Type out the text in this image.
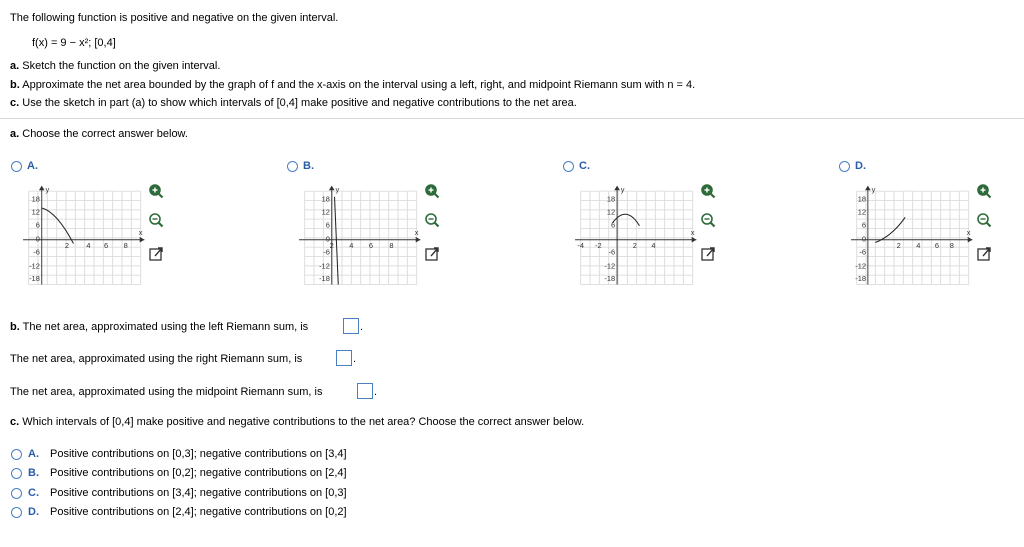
The following function is positive and negative on the given interval.
f(x) = 9 − x²; [0,4]
a. Sketch the function on the given interval.
b. Approximate the net area bounded by the graph of f and the x-axis on the interval using a left, right, and midpoint Riemann sum with n = 4.
c. Use the sketch in part (a) to show which intervals of [0,4] make positive and negative contributions to the net area.
a. Choose the correct answer below.
A.
y
x
18
12
6
0
-6
-12
-18
2 4 6 8
B.
y
x
18
12
6
0
-6
-12
-18
2 4 6 8
C.
y
x
18
12
6
-6
-12
-18
-4 -2	2 4
D.
y
x
18
12
6
0
-6
-12
-18
2 4 6 8
b. The net area, approximated using the left Riemann sum, is	.
The net area, approximated using the right Riemann sum, is	.
The net area, approximated using the midpoint Riemann sum, is	.
c. Which intervals of [0,4] make positive and negative contributions to the net area? Choose the correct answer below.
A. Positive contributions on [0,3]; negative contributions on [3,4]
B. Positive contributions on [0,2]; negative contributions on [2,4]
C. Positive contributions on [3,4]; negative contributions on [0,3]
D. Positive contributions on [2,4]; negative contributions on [0,2]
